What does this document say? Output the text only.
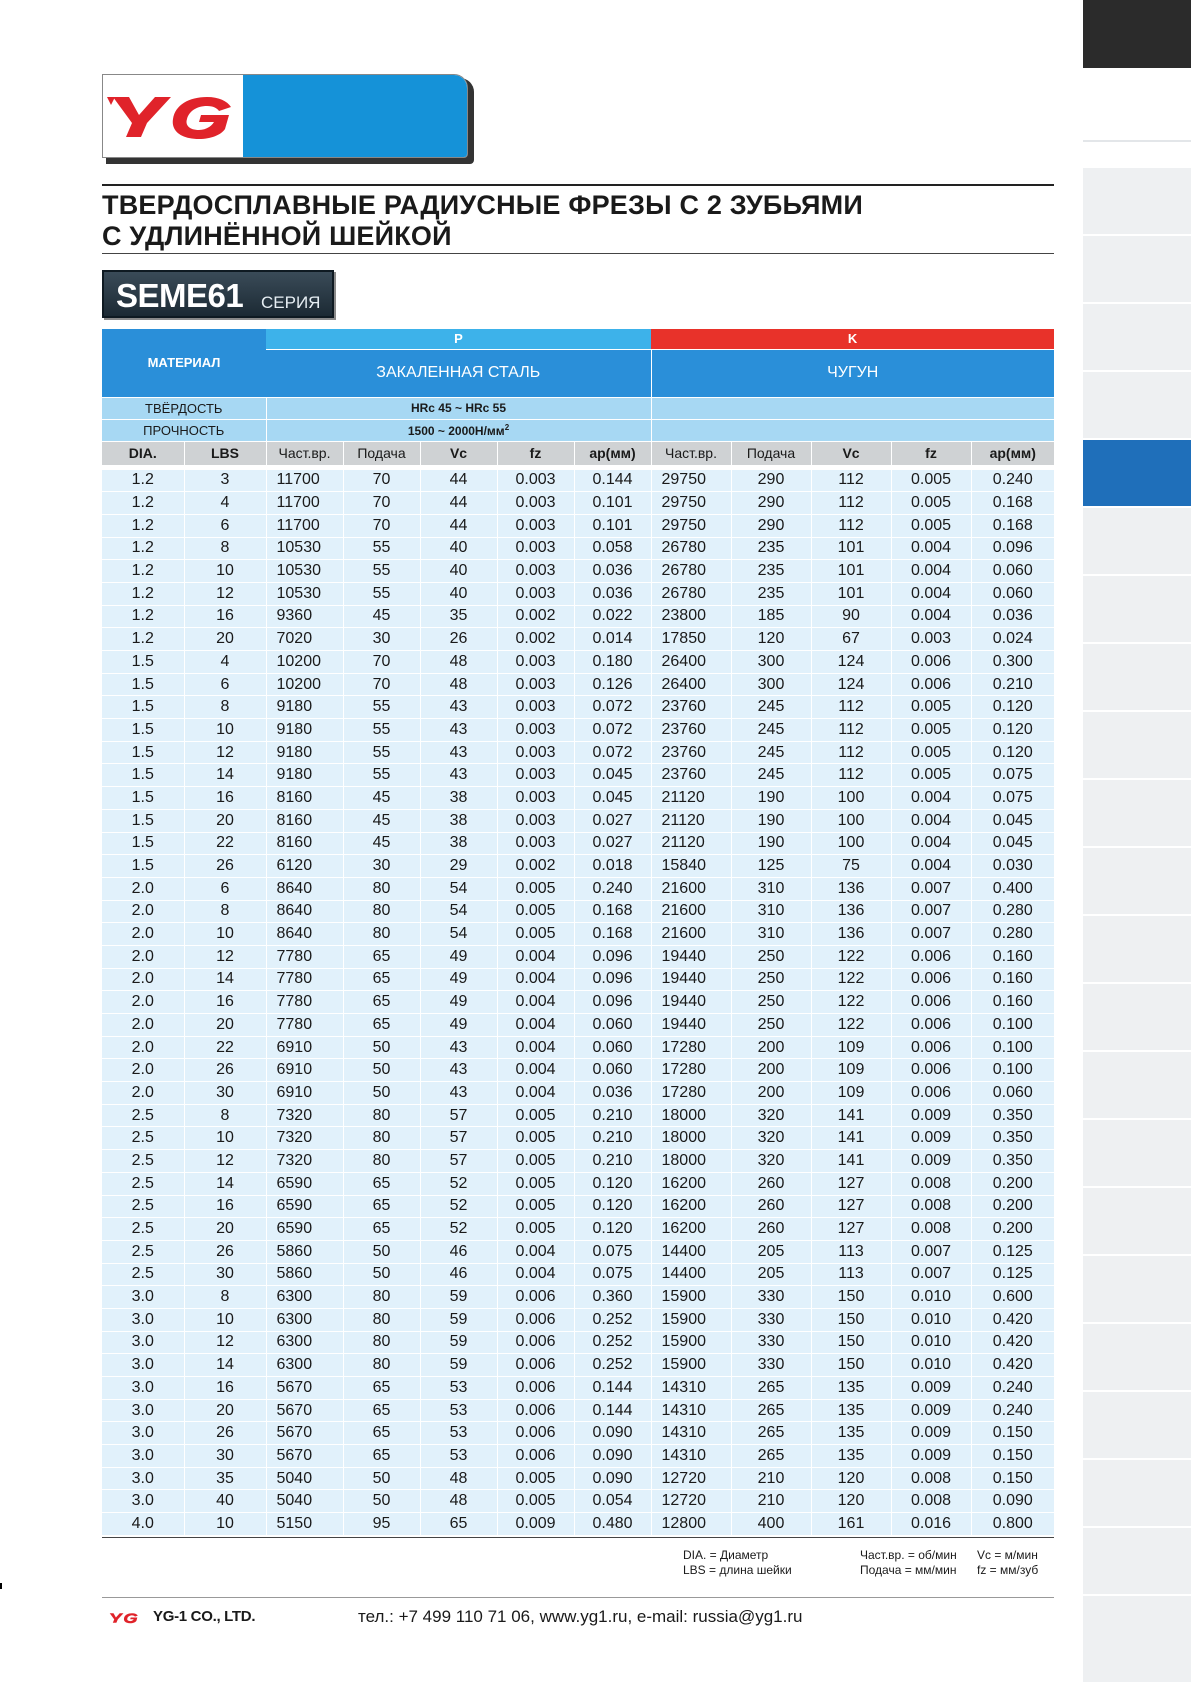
ТВЕРДОСПЛАВНЫЕ РАДИУСНЫЕ ФРЕЗЫ С 2 ЗУБЬЯМИ
С УДЛИНЁННОЙ ШЕЙКОЙ
SEME61 СЕРИЯ
МАТЕРИАЛ		P					K				
		ЗАКАЛЕННАЯ СТАЛЬ					ЧУГУН				
ТВЁРДОСТЬ		HRc 45 ~ HRc 55									
ПРОЧНОСТЬ		1500 ~ $2000Н/мм^2$	
DIA.	LBS	Част.вр.	Подача	Vc	fz	ap(мм)	Част.вр.	Подача	Vc	fz	ap(мм)

1.2	3	11700	70	44	0.003	0.144	29750	290	112	0.005	0.240
1.2	4	11700	70	44	0.003	0.101	29750	290	112	0.005	0.168
1.2	6	11700	70	44	0.003	0.101	29750	290	112	0.005	0.168
1.2	8	10530	55	40	0.003	0.058	26780	235	101	0.004	0.096
1.2	10	10530	55	40	0.003	0.036	26780	235	101	0.004	0.060
1.2	12	10530	55	40	0.003	0.036	26780	235	101	0.004	0.060
1.2	16	9360	45	35	0.002	0.022	23800	185	90	0.004	0.036
1.2	20	7020	30	26	0.002	0.014	17850	120	67	0.003	0.024
1.5	4	10200	70	48	0.003	0.180	26400	300	124	0.006	0.300
1.5	6	10200	70	48	0.003	0.126	26400	300	124	0.006	0.210
1.5	8	9180	55	43	0.003	0.072	23760	245	112	0.005	0.120
1.5	10	9180	55	43	0.003	0.072	23760	245	112	0.005	0.120
1.5	12	9180	55	43	0.003	0.072	23760	245	112	0.005	0.120
1.5	14	9180	55	43	0.003	0.045	23760	245	112	0.005	0.075
1.5	16	8160	45	38	0.003	0.045	21120	190	100	0.004	0.075
1.5	20	8160	45	38	0.003	0.027	21120	190	100	0.004	0.045
1.5	22	8160	45	38	0.003	0.027	21120	190	100	0.004	0.045
1.5	26	6120	30	29	0.002	0.018	15840	125	75	0.004	0.030
2.0	6	8640	80	54	0.005	0.240	21600	310	136	0.007	0.400
2.0	8	8640	80	54	0.005	0.168	21600	310	136	0.007	0.280
2.0	10	8640	80	54	0.005	0.168	21600	310	136	0.007	0.280
2.0	12	7780	65	49	0.004	0.096	19440	250	122	0.006	0.160
2.0	14	7780	65	49	0.004	0.096	19440	250	122	0.006	0.160
2.0	16	7780	65	49	0.004	0.096	19440	250	122	0.006	0.160
2.0	20	7780	65	49	0.004	0.060	19440	250	122	0.006	0.100
2.0	22	6910	50	43	0.004	0.060	17280	200	109	0.006	0.100
2.0	26	6910	50	43	0.004	0.060	17280	200	109	0.006	0.100
2.0	30	6910	50	43	0.004	0.036	17280	200	109	0.006	0.060
2.5	8	7320	80	57	0.005	0.210	18000	320	141	0.009	0.350
2.5	10	7320	80	57	0.005	0.210	18000	320	141	0.009	0.350
2.5	12	7320	80	57	0.005	0.210	18000	320	141	0.009	0.350
2.5	14	6590	65	52	0.005	0.120	16200	260	127	0.008	0.200
2.5	16	6590	65	52	0.005	0.120	16200	260	127	0.008	0.200
2.5	20	6590	65	52	0.005	0.120	16200	260	127	0.008	0.200
2.5	26	5860	50	46	0.004	0.075	14400	205	113	0.007	0.125
2.5	30	5860	50	46	0.004	0.075	14400	205	113	0.007	0.125
3.0	8	6300	80	59	0.006	0.360	15900	330	150	0.010	0.600
3.0	10	6300	80	59	0.006	0.252	15900	330	150	0.010	0.420
3.0	12	6300	80	59	0.006	0.252	15900	330	150	0.010	0.420
3.0	14	6300	80	59	0.006	0.252	15900	330	150	0.010	0.420
3.0	16	5670	65	53	0.006	0.144	14310	265	135	0.009	0.240
3.0	20	5670	65	53	0.006	0.144	14310	265	135	0.009	0.240
3.0	26	5670	65	53	0.006	0.090	14310	265	135	0.009	0.150
3.0	30	5670	65	53	0.006	0.090	14310	265	135	0.009	0.150
3.0	35	5040	50	48	0.005	0.090	12720	210	120	0.008	0.150
3.0	40	5040	50	48	0.005	0.054	12720	210	120	0.008	0.090
4.0	10	5150	95	65	0.009	0.480	12800	400	161	0.016	0.800
DIA. = Диаметр
LBS = длина шейки
Част.вр. = об/мин
Подача = мм/мин
Vc = м/мин
fz = мм/зуб
YG-1 CO., LTD.	тел.: +7 499 110 71 06, www.yg1.ru, e-mail: russia@yg1.ru
